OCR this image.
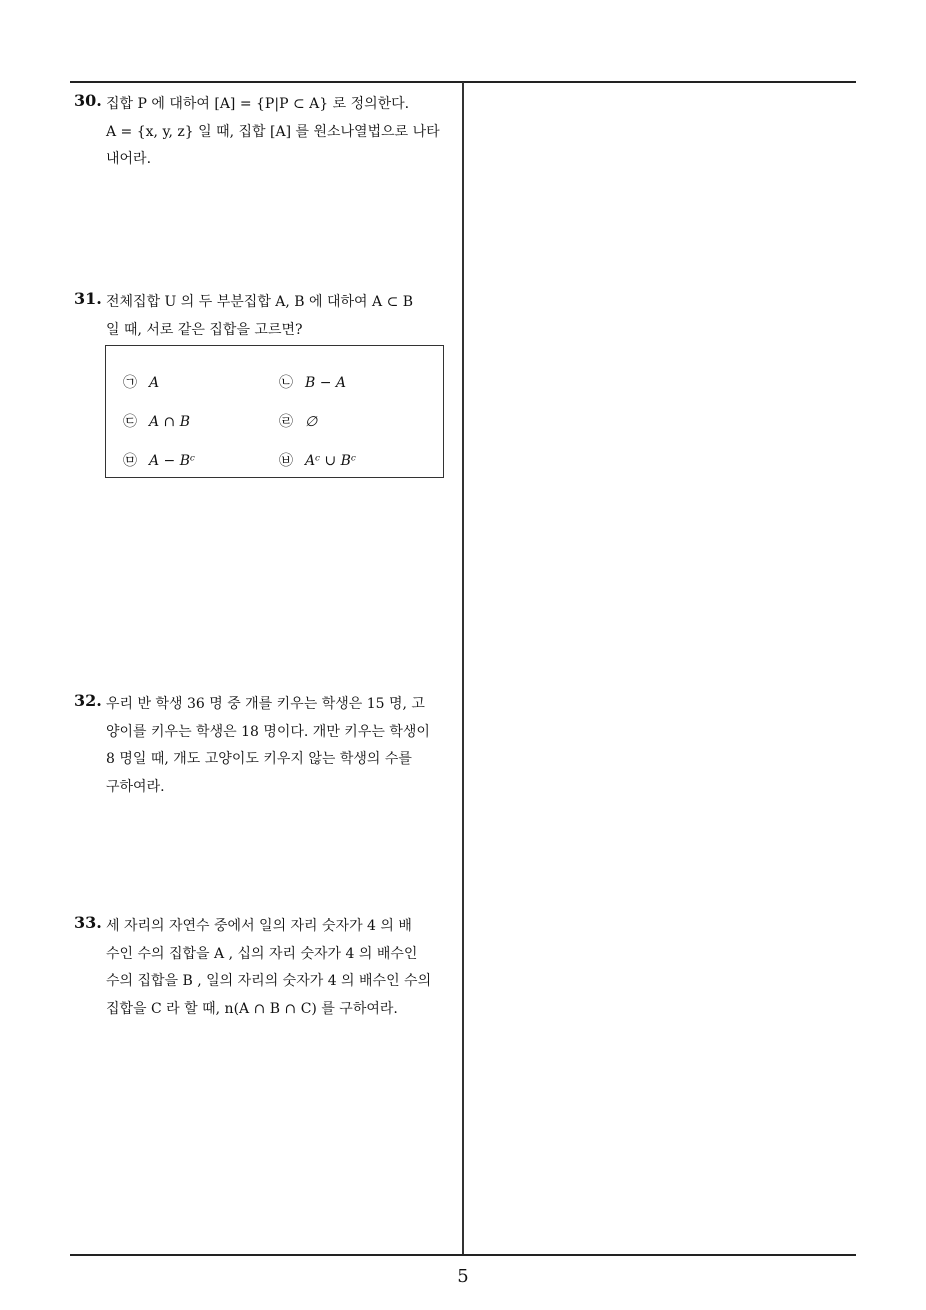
30. 집합 P 에 대하여 [A] = {P|P ⊂ A} 로 정의한다.
A = {x, y, z} 일 때, 집합 [A] 를 원소나열법으로 나타
내어라.
31. 전체집합 U 의 두 부분집합 A, B 에 대하여 A ⊂ B
일 때, 서로 같은 집합을 고르면?
㉠ A	㉡ B − A
㉢ A ∩ B	㉣ ∅
㉤ A − Bᶜ	㉥ Aᶜ ∪ Bᶜ
32. 우리 반 학생 36 명 중 개를 키우는 학생은 15 명, 고
양이를 키우는 학생은 18 명이다. 개만 키우는 학생이
8 명일 때, 개도 고양이도 키우지 않는 학생의 수를
구하여라.
33. 세 자리의 자연수 중에서 일의 자리 숫자가 4 의 배
수인 수의 집합을 A , 십의 자리 숫자가 4 의 배수인
수의 집합을 B , 일의 자리의 숫자가 4 의 배수인 수의
집합을 C 라 할 때, n(A ∩ B ∩ C) 를 구하여라.
5
